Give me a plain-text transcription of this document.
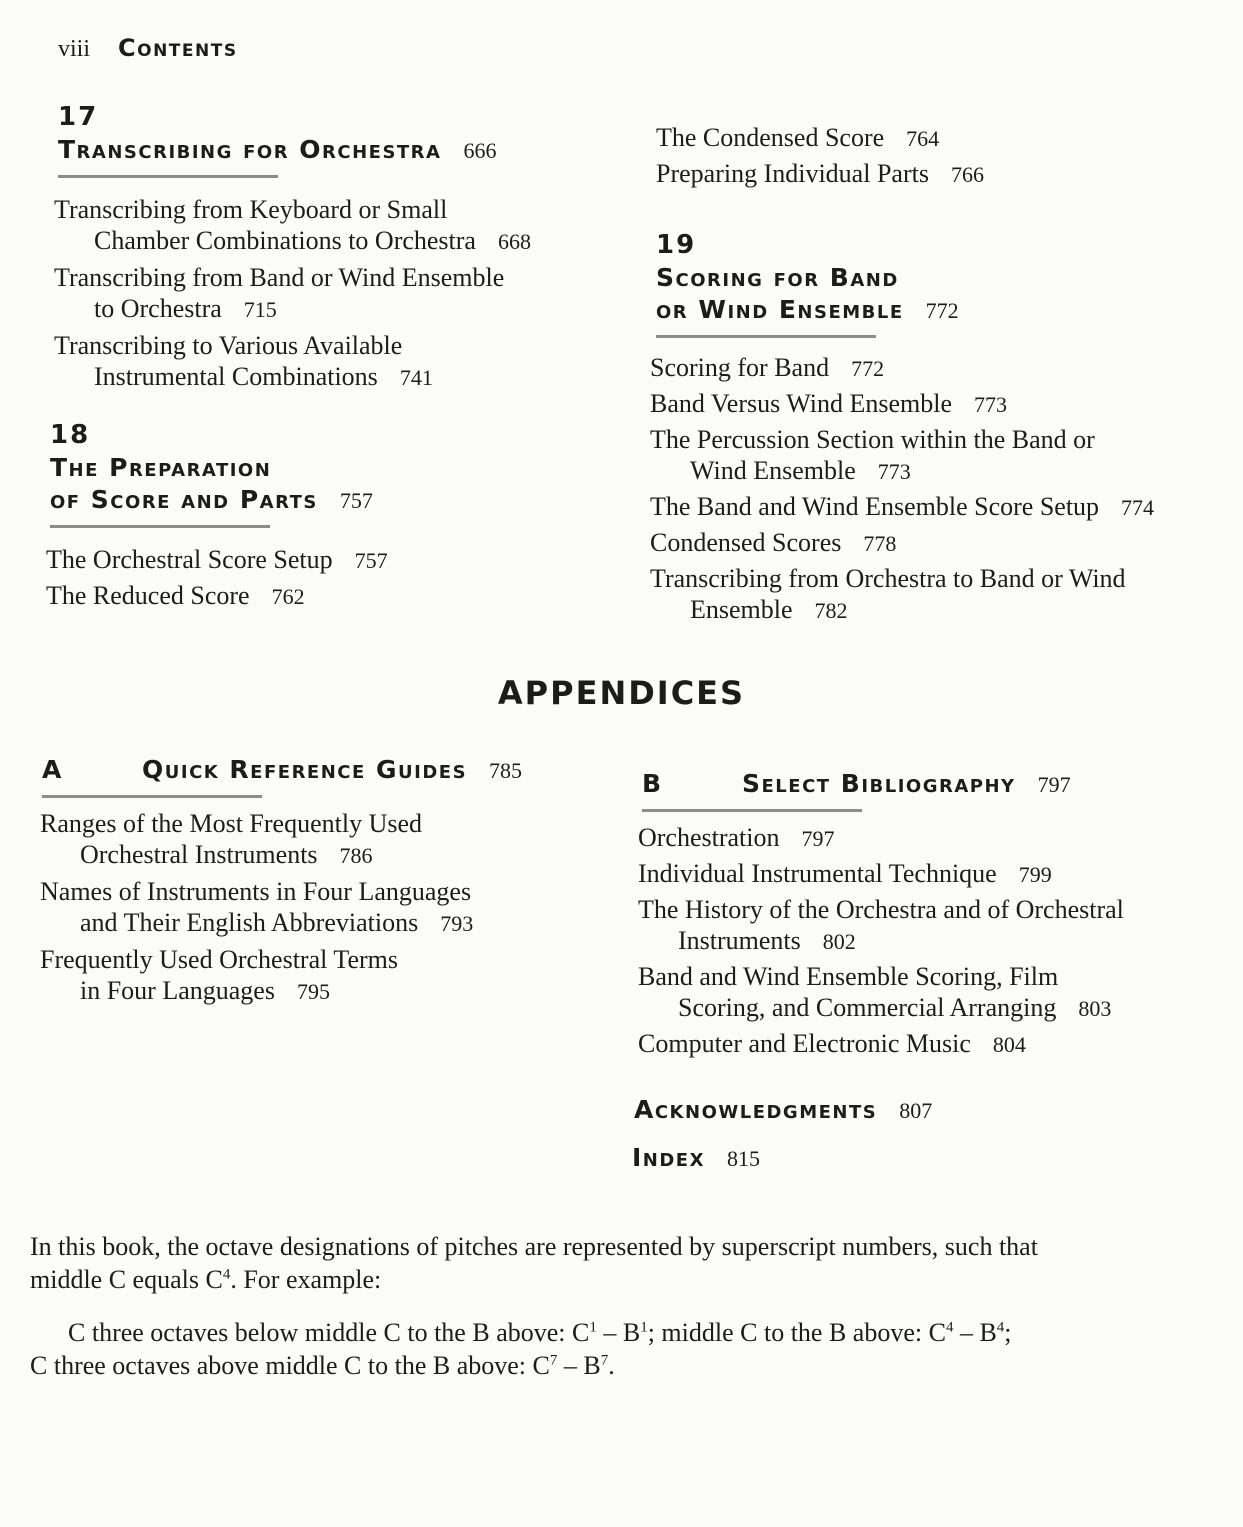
viii Contents
17
Transcribing for Orchestra 666
Transcribing from Keyboard or Small
Chamber Combinations to Orchestra 668
Transcribing from Band or Wind Ensemble
to Orchestra 715
Transcribing to Various Available
Instrumental Combinations 741
18
The Preparation
of Score and Parts 757
The Orchestral Score Setup 757
The Reduced Score 762
The Condensed Score 764
Preparing Individual Parts 766
19
Scoring for Band
or Wind Ensemble 772
Scoring for Band 772
Band Versus Wind Ensemble 773
The Percussion Section within the Band or
Wind Ensemble 773
The Band and Wind Ensemble Score Setup 774
Condensed Scores 778
Transcribing from Orchestra to Band or Wind
Ensemble 782
APPENDICES
A	Quick Reference Guides 785
Ranges of the Most Frequently Used
Orchestral Instruments 786
Names of Instruments in Four Languages
and Their English Abbreviations 793
Frequently Used Orchestral Terms
in Four Languages 795
B	Select Bibliography 797
Orchestration 797
Individual Instrumental Technique 799
The History of the Orchestra and of Orchestral
Instruments 802
Band and Wind Ensemble Scoring, Film
Scoring, and Commercial Arranging 803
Computer and Electronic Music 804
Acknowledgments 807
Index 815
In this book, the octave designations of pitches are represented by superscript numbers, such that
middle C equals $C^4$. For example:
C three octaves below middle C to the B above: $C^1 - B^1$; middle C to the B above: $C^4 - B^4$;
C three octaves above middle C to the B above: $C^7 - B^7$.
